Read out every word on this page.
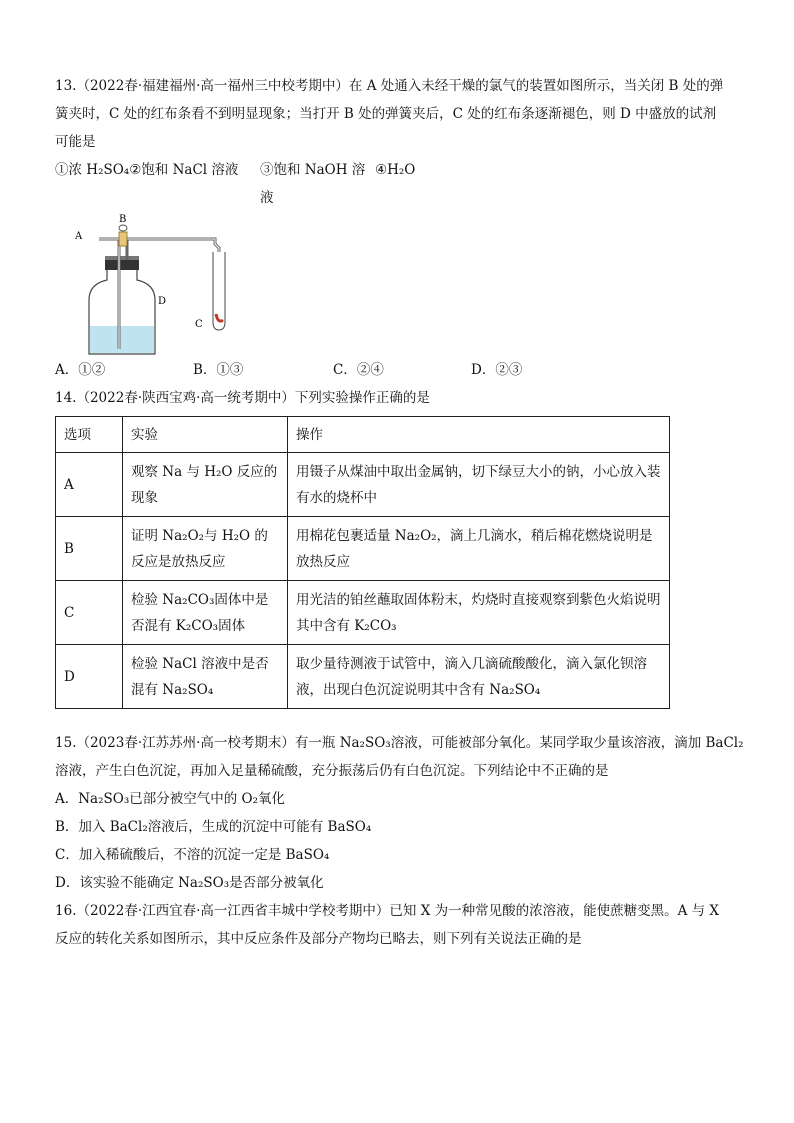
13.（2022春·福建福州·高一福州三中校考期中）在 A 处通入未经干燥的氯气的装置如图所示，当关闭 B 处的弹

簧夹时，C 处的红布条看不到明显现象；当打开 B 处的弹簧夹后，C 处的红布条逐渐褪色，则 D 中盛放的试剂

可能是

①浓 H₂SO₄②饱和 NaCl 溶液	③饱和 NaOH 溶液
④H₂O
A
B
D
C
A．①②	B．①③	C．②④	D．②③

14.（2022春·陕西宝鸡·高一统考期中）下列实验操作正确的是

选项	实验	操作
A	观察 Na 与 H₂O 反应的现象	用镊子从煤油中取出金属钠，切下绿豆大小的钠，小心放入装有水的烧杯中
B	证明 Na₂O₂与 H₂O 的反应是放热反应	用棉花包裹适量 Na₂O₂，滴上几滴水，稍后棉花燃烧说明是放热反应
C	检验 Na₂CO₃固体中是否混有 K₂CO₃固体	用光洁的铂丝蘸取固体粉末，灼烧时直接观察到紫色火焰说明其中含有 K₂CO₃
D	检验 NaCl 溶液中是否混有 Na₂SO₄	取少量待测液于试管中，滴入几滴硫酸酸化，滴入氯化钡溶液，出现白色沉淀说明其中含有 Na₂SO₄

15.（2023春·江苏苏州·高一校考期末）有一瓶 Na₂SO₃溶液，可能被部分氧化。某同学取少量该溶液，滴加 BaCl₂

溶液，产生白色沉淀，再加入足量稀硫酸，充分振荡后仍有白色沉淀。下列结论中不正确的是

A．Na₂SO₃已部分被空气中的 O₂氧化

B．加入 BaCl₂溶液后，生成的沉淀中可能有 BaSO₄

C．加入稀硫酸后，不溶的沉淀一定是 BaSO₄

D．该实验不能确定 Na₂SO₃是否部分被氧化

16.（2022春·江西宜春·高一江西省丰城中学校考期中）已知 X 为一种常见酸的浓溶液，能使蔗糖变黑。A 与 X

反应的转化关系如图所示，其中反应条件及部分产物均已略去，则下列有关说法正确的是
